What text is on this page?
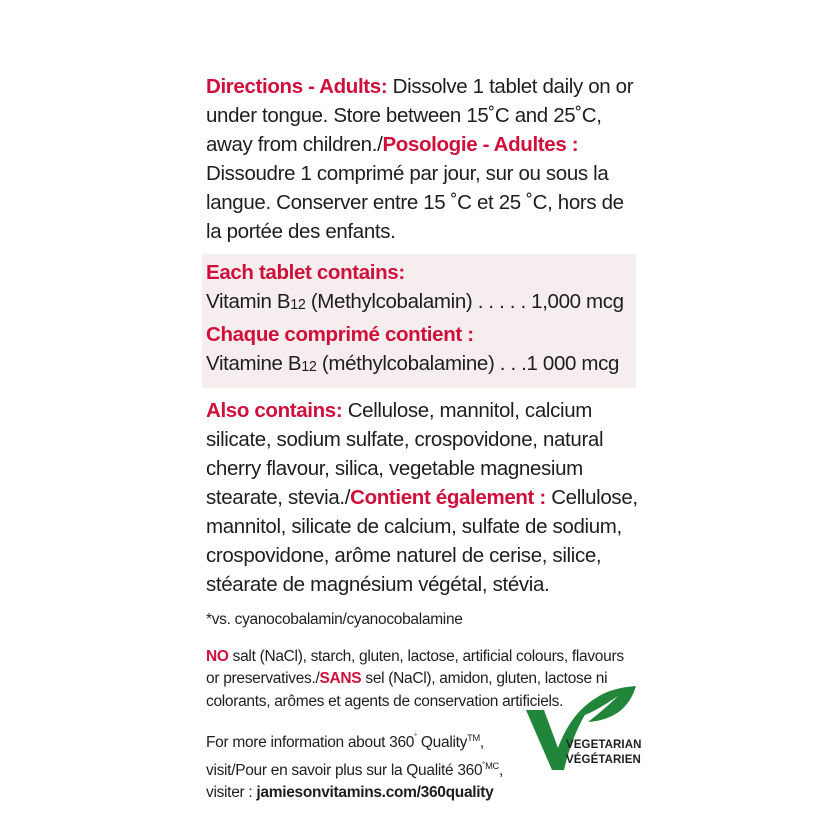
Directions - Adults: Dissolve 1 tablet daily on or under tongue. Store between 15˚C and 25˚C, away from children./Posologie - Adultes : Dissoudre 1 comprimé par jour, sur ou sous la langue. Conserver entre 15 ˚C et 25 ˚C, hors de la portée des enfants.

Each tablet contains:

Vitamin B12 (Methylcobalamin) . . . . . 1,000 mcg

Chaque comprimé contient :

Vitamine B12 (méthylcobalamine) . . .1 000 mcg

Also contains: Cellulose, mannitol, calcium silicate, sodium sulfate, crospovidone, natural cherry flavour, silica, vegetable magnesium stearate, stevia./Contient également : Cellulose, mannitol, silicate de calcium, sulfate de sodium, crospovidone, arôme naturel de cerise, silice, stéarate de magnésium végétal, stévia.

*vs. cyanocobalamin/cyanocobalamine

NO salt (NaCl), starch, gluten, lactose, artificial colours, flavours or preservatives./SANS sel (NaCl), amidon, gluten, lactose ni colorants, arômes et agents de conservation artificiels.

For more information about 360˚ Quality™,
visit/Pour en savoir plus sur la Qualité $360^{˚MC}$,
visiter : jamiesonvitamins.com/360quality

VEGETARIAN
VÉGÉTARIEN
